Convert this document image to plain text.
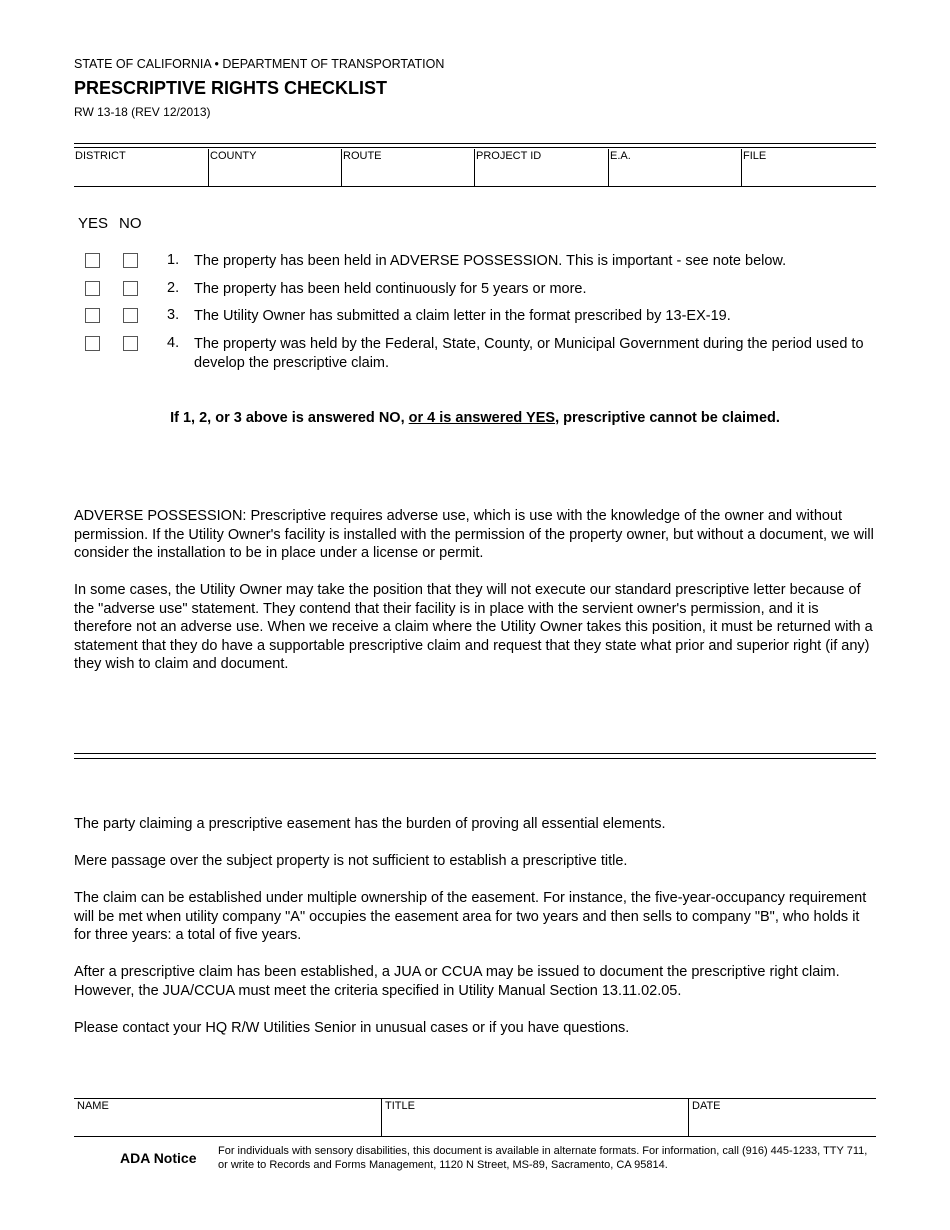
STATE OF CALIFORNIA • DEPARTMENT OF TRANSPORTATION
PRESCRIPTIVE RIGHTS CHECKLIST
RW 13-18 (REV 12/2013)
DISTRICT	COUNTY	ROUTE	PROJECT ID	E.A.	FILE
YES NO
1. The property has been held in ADVERSE POSSESSION. This is important - see note below.
2. The property has been held continuously for 5 years or more.
3. The Utility Owner has submitted a claim letter in the format prescribed by 13-EX-19.
4. The property was held by the Federal, State, County, or Municipal Government during the period used to develop the prescriptive claim.
If 1, 2, or 3 above is answered NO, or 4 is answered YES, prescriptive cannot be claimed.
ADVERSE POSSESSION: Prescriptive requires adverse use, which is use with the knowledge of the owner and without permission. If the Utility Owner's facility is installed with the permission of the property owner, but without a document, we will consider the installation to be in place under a license or permit.
In some cases, the Utility Owner may take the position that they will not execute our standard prescriptive letter because of the "adverse use" statement. They contend that their facility is in place with the servient owner's permission, and it is therefore not an adverse use. When we receive a claim where the Utility Owner takes this position, it must be returned with a statement that they do have a supportable prescriptive claim and request that they state what prior and superior right (if any) they wish to claim and document.
The party claiming a prescriptive easement has the burden of proving all essential elements.
Mere passage over the subject property is not sufficient to establish a prescriptive title.
The claim can be established under multiple ownership of the easement. For instance, the five-year-occupancy requirement will be met when utility company "A" occupies the easement area for two years and then sells to company "B", who holds it for three years: a total of five years.
After a prescriptive claim has been established, a JUA or CCUA may be issued to document the prescriptive right claim. However, the JUA/CCUA must meet the criteria specified in Utility Manual Section 13.11.02.05.
Please contact your HQ R/W Utilities Senior in unusual cases or if you have questions.
NAME	TITLE	DATE
ADA Notice For individuals with sensory disabilities, this document is available in alternate formats. For information, call (916) 445-1233, TTY 711, or write to Records and Forms Management, 1120 N Street, MS-89, Sacramento, CA 95814.
